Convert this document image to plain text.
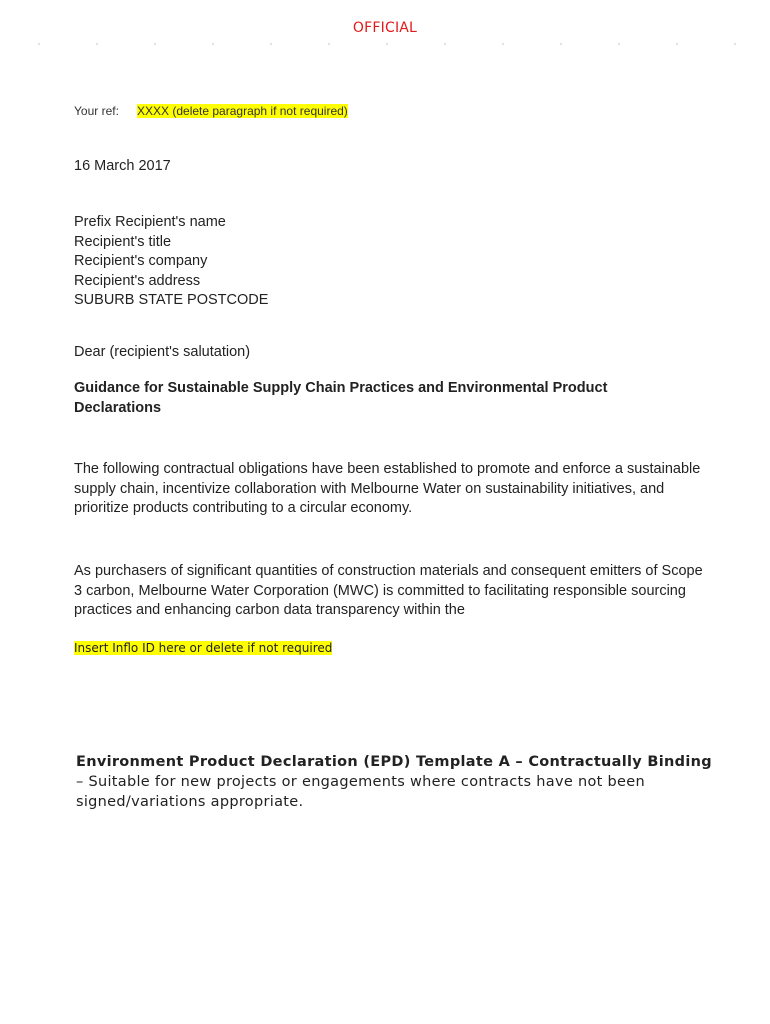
OFFICIAL
Your ref: XXXX (delete paragraph if not required)
16 March 2017
Prefix Recipient's name
Recipient's title
Recipient's company
Recipient's address
SUBURB STATE POSTCODE
Dear (recipient's salutation)
Guidance for Sustainable Supply Chain Practices and Environmental Product Declarations
The following contractual obligations have been established to promote and enforce a sustainable supply chain, incentivize collaboration with Melbourne Water on sustainability initiatives, and prioritize products contributing to a circular economy.
As purchasers of significant quantities of construction materials and consequent emitters of Scope 3 carbon, Melbourne Water Corporation (MWC) is committed to facilitating responsible sourcing practices and enhancing carbon data transparency within the
Insert Inflo ID here or delete if not required
Environment Product Declaration (EPD) Template A – Contractually Binding – Suitable for new projects or engagements where contracts have not been signed/variations appropriate.
